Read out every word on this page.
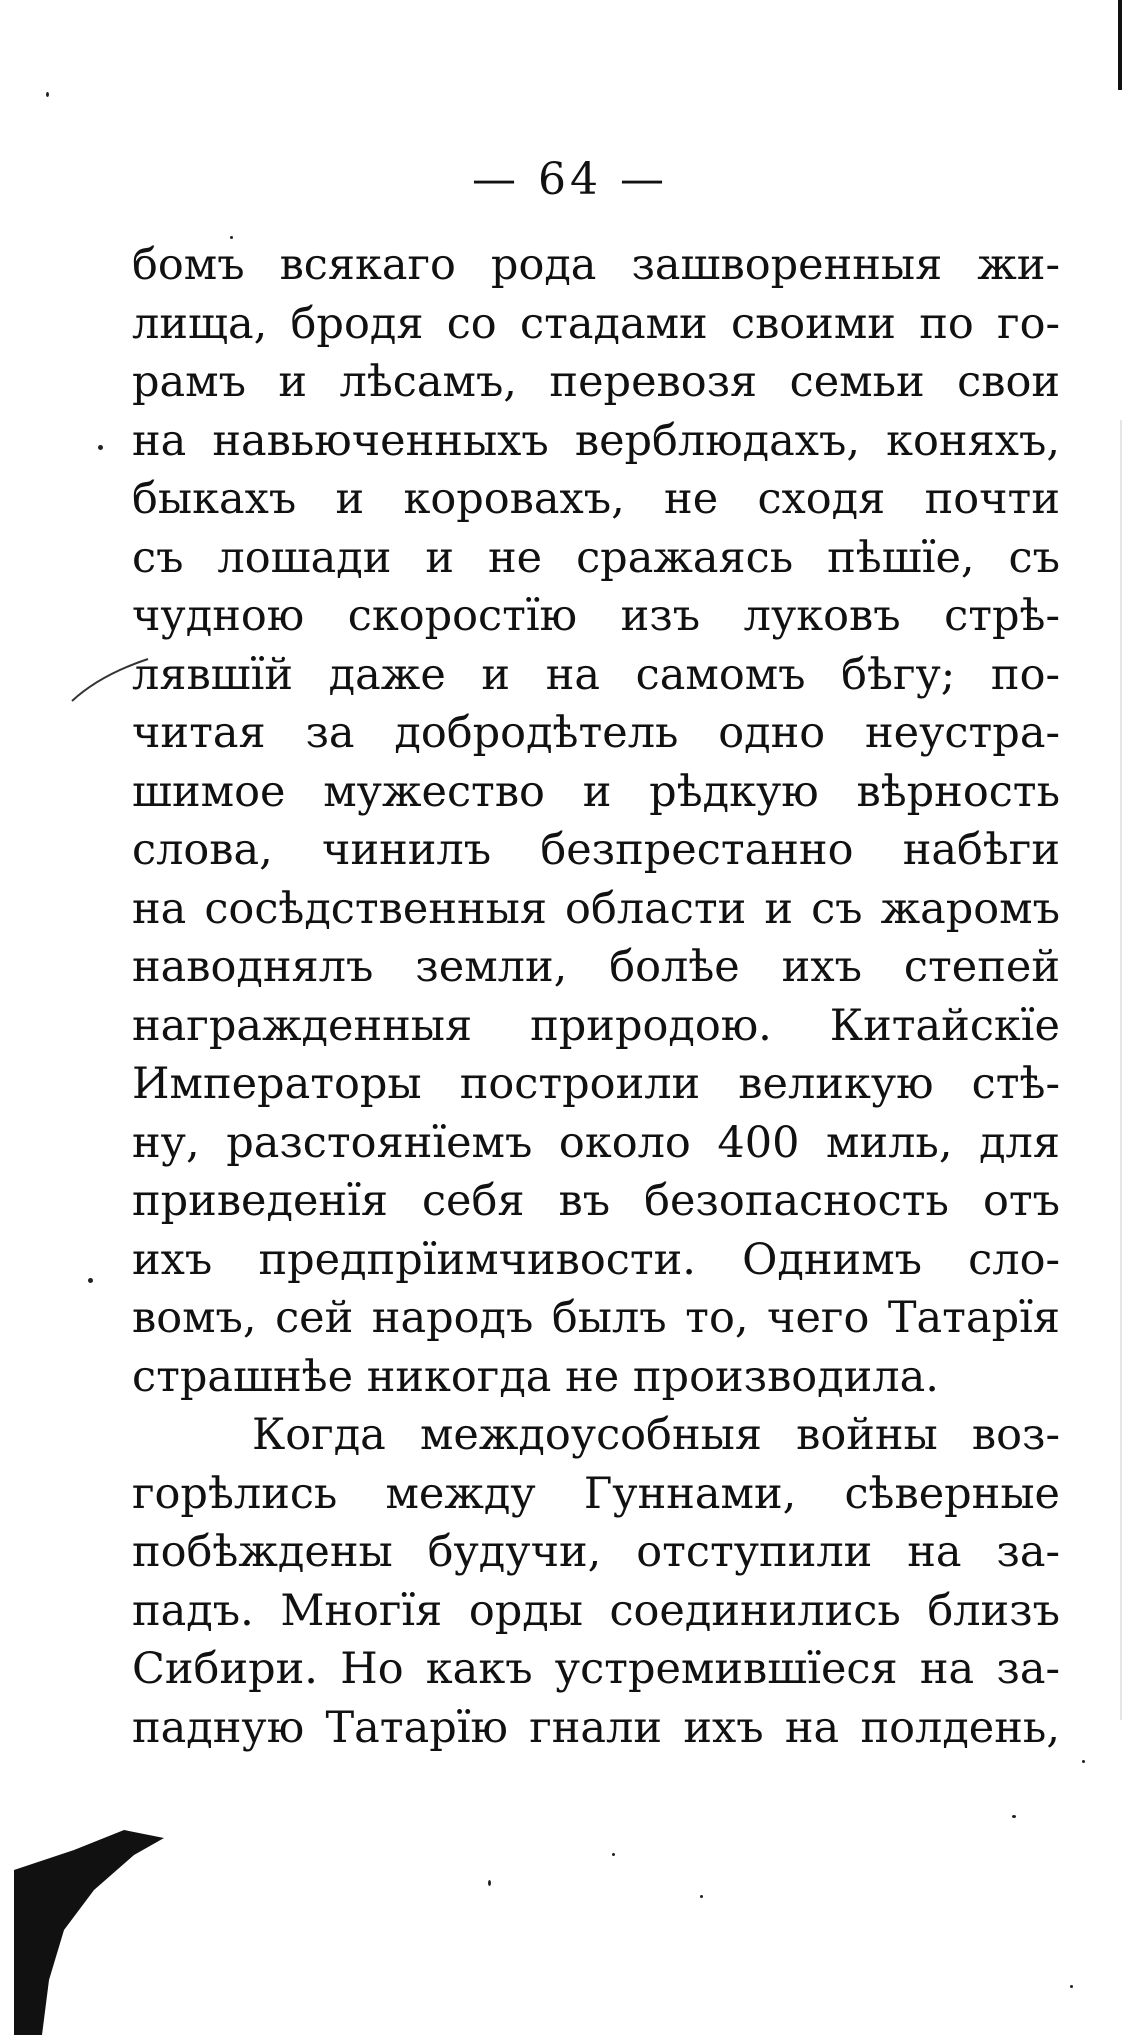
— 64 —
бомъ всякаго рода зашворенныя жи-
лища, бродя со стадами своими по го-
рамъ и лѣсамъ, перевозя семьи свои
на навьюченныхъ верблюдахъ, коняхъ,
быкахъ и коровахъ, не сходя почти
съ лошади и не сражаясь пѣшїе, съ
чудною скоростїю изъ луковъ стрѣ-
лявшїй даже и на самомъ бѣгу; по-
читая за добродѣтель одно неустра-
шимое мужество и рѣдкую вѣрность
слова, чинилъ безпрестанно набѣги
на сосѣдственныя области и съ жаромъ
наводнялъ земли, болѣе ихъ степей
награжденныя природою. Китайскїе
Императоры построили великую стѣ-
ну, разстоянїемъ около 400 миль, для
приведенїя себя въ безопасность отъ
ихъ предпрїимчивости. Однимъ сло-
вомъ, сей народъ былъ то, чего Татарїя
страшнѣе никогда не производила.
Когда междоусобныя войны воз-
горѣлись между Гуннами, сѣверные
побѣждены будучи, отступили на за-
падъ. Многїя орды соединились близъ
Сибири. Но какъ устремившїеся на за-
падную Татарїю гнали ихъ на полдень,
